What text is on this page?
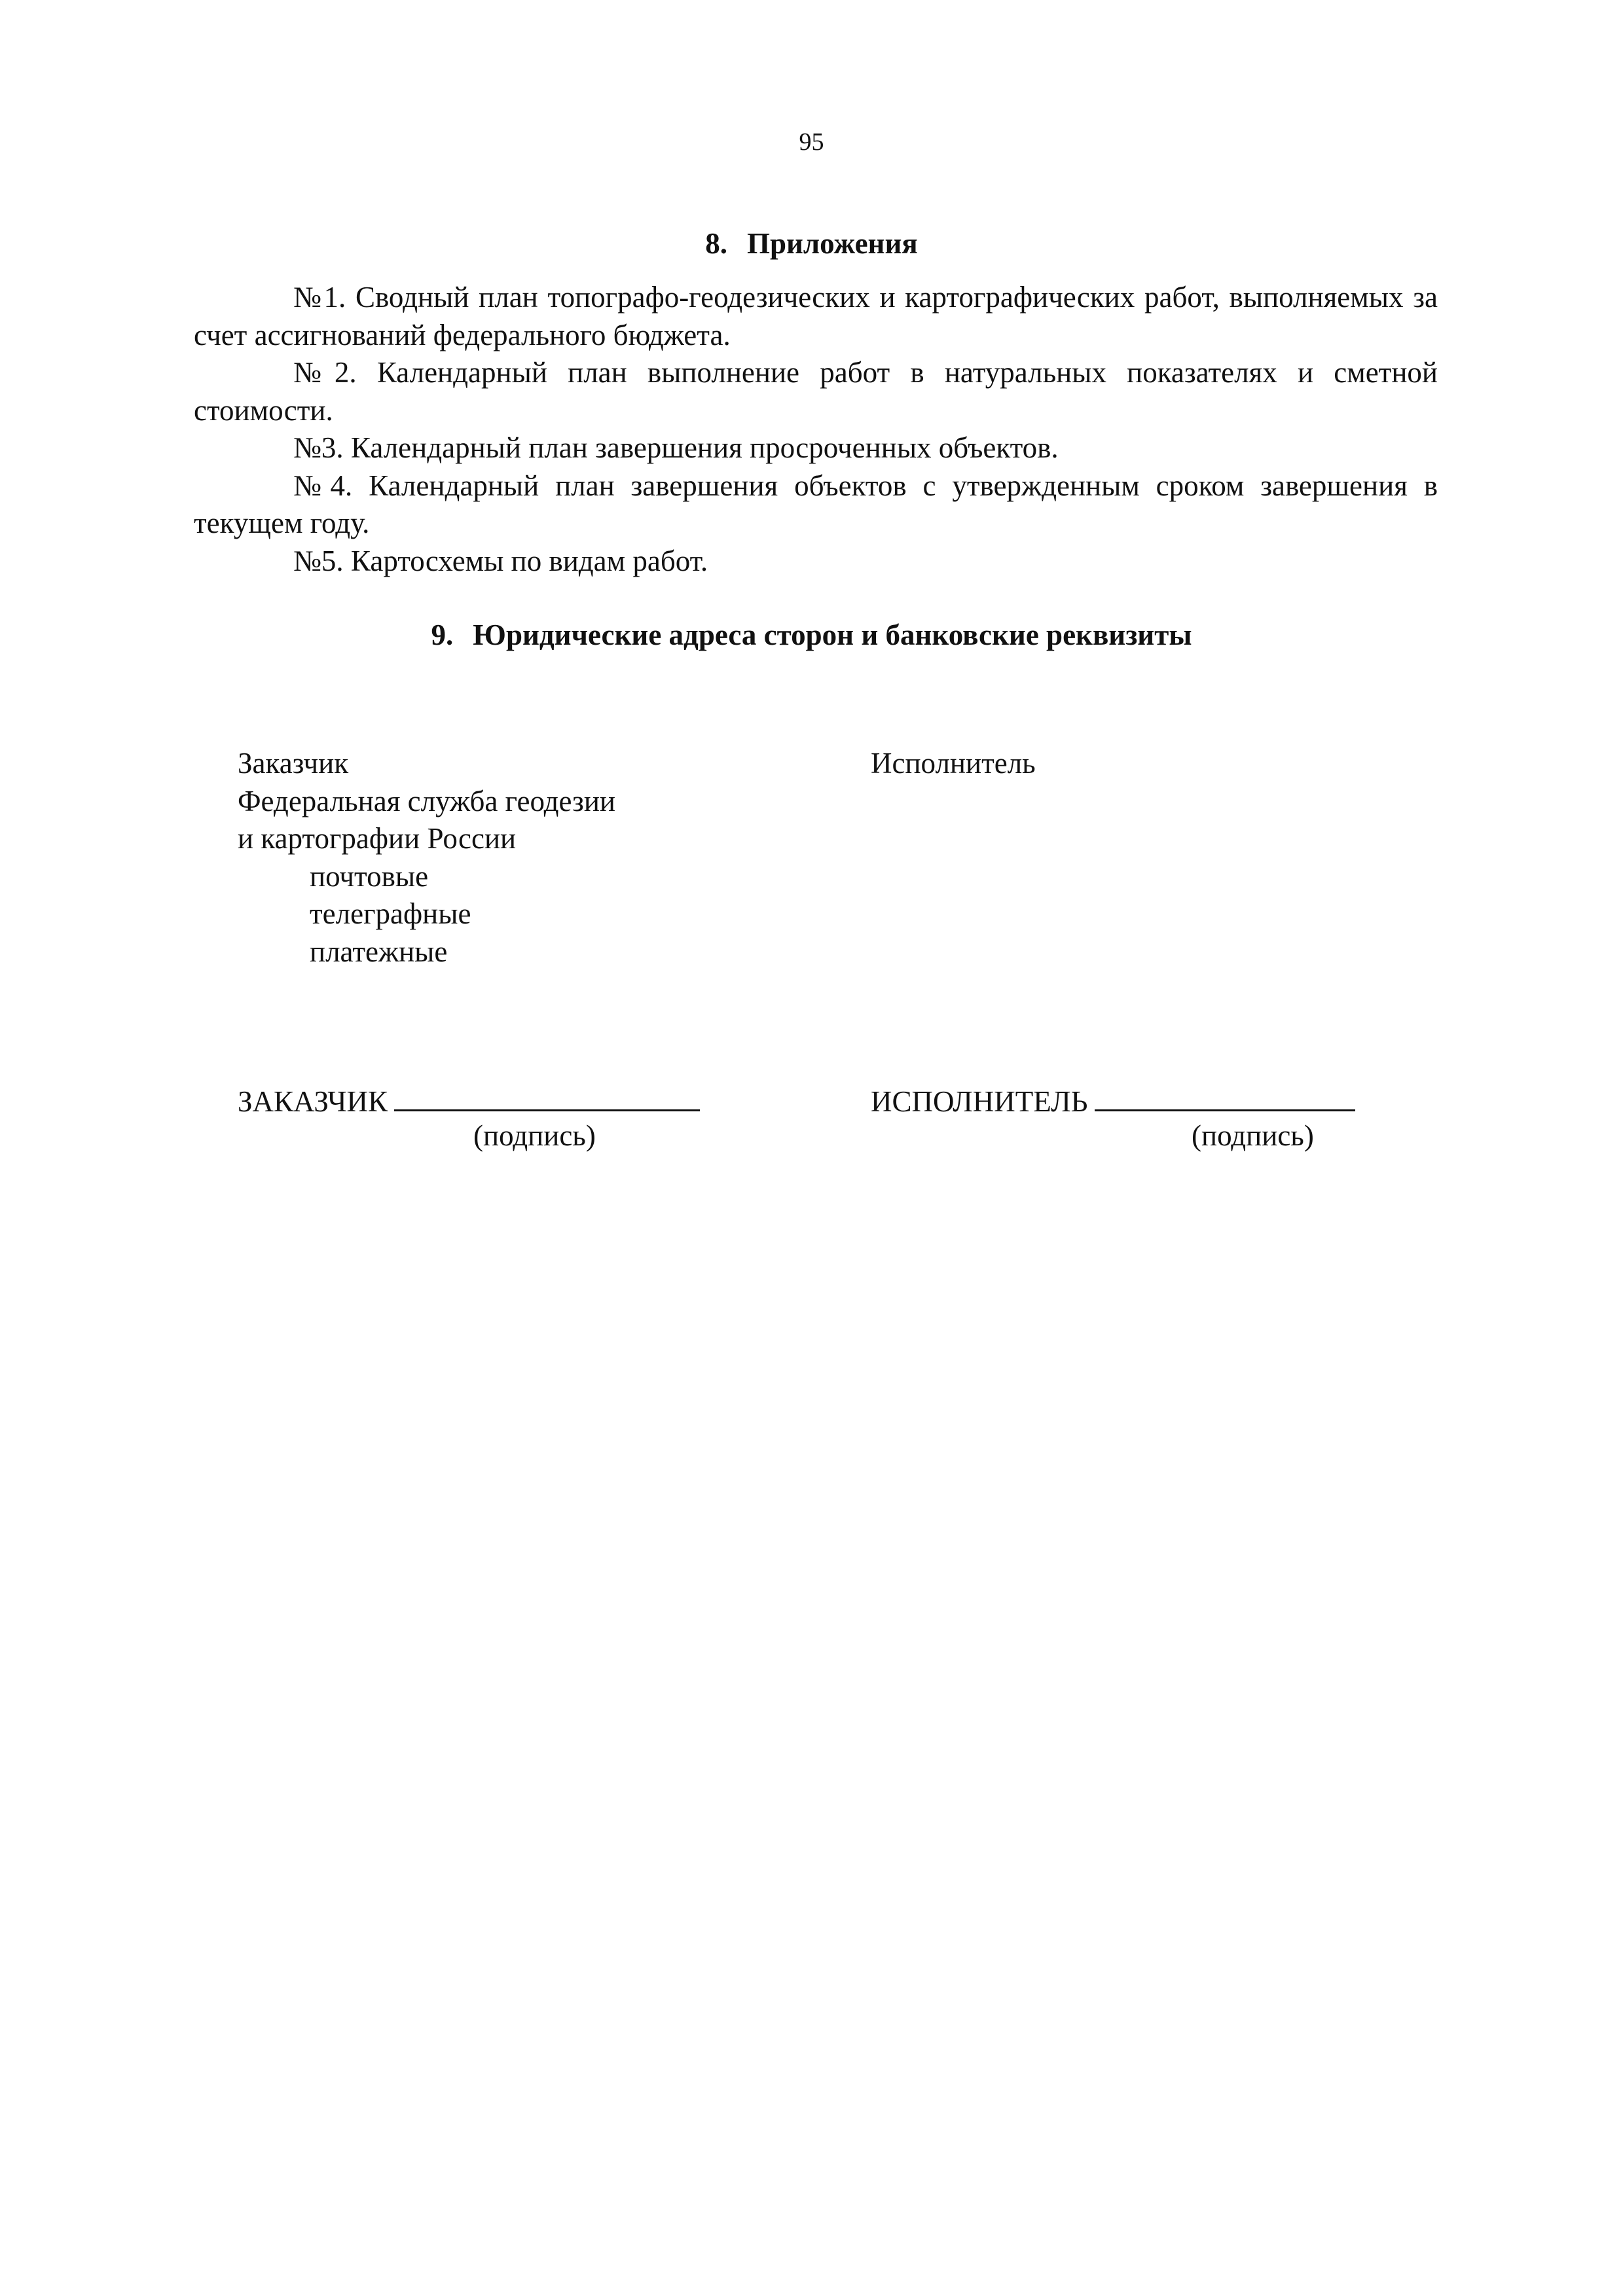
95
8. Приложения

№1. Сводный план топографо-геодезических и картографических работ, выполняемых за счет ассигнований федерального бюджета.

№2. Календарный план выполнение работ в натуральных показателях и сметной стоимости.

№3. Календарный план завершения просроченных объектов.

№4. Календарный план завершения объектов с утвержденным сроком завершения в текущем году.

№5. Картосхемы по видам работ.

9. Юридические адреса сторон и банковские реквизиты
Заказчик
Федеральная служба геодезии
и картографии России
почтовые
телеграфные
платежные
Исполнитель
ЗАКАЗЧИК
(подпись)
ИСПОЛНИТЕЛЬ
(подпись)
